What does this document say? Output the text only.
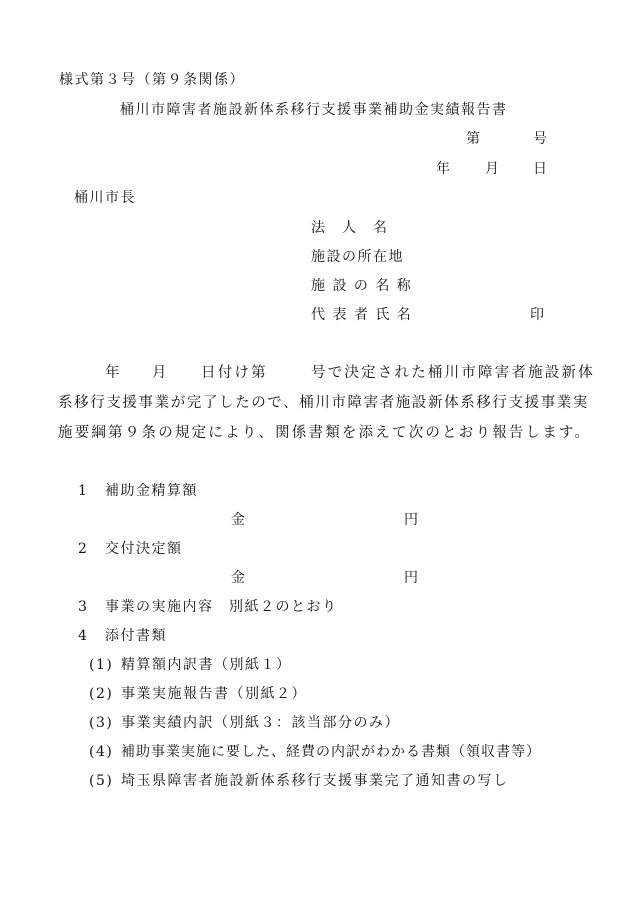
様式第３号（第９条関係）
桶川市障害者施設新体系移行支援事業補助金実績報告書
第	号
年 月 日
桶川市長
法　人　名
施設の所在地
施 設 の 名 称
代 表 者 氏 名	印
年 月 日付け第	号で決定された桶川市障害者施設新体
系移行支援事業が完了したので、桶川市障害者施設新体系移行支援事業実
施要綱第９条の規定により、関係書類を添えて次のとおり報告します。
1 補助金精算額
金	円
2 交付決定額
金	円
3 事業の実施内容　別紙２のとおり
4 添付書類
(1) 精算額内訳書（別紙１）
(2) 事業実施報告書（別紙２）
(3) 事業実績内訳（別紙３：該当部分のみ）
(4) 補助事業実施に要した、経費の内訳がわかる書類（領収書等）
(5) 埼玉県障害者施設新体系移行支援事業完了通知書の写し
